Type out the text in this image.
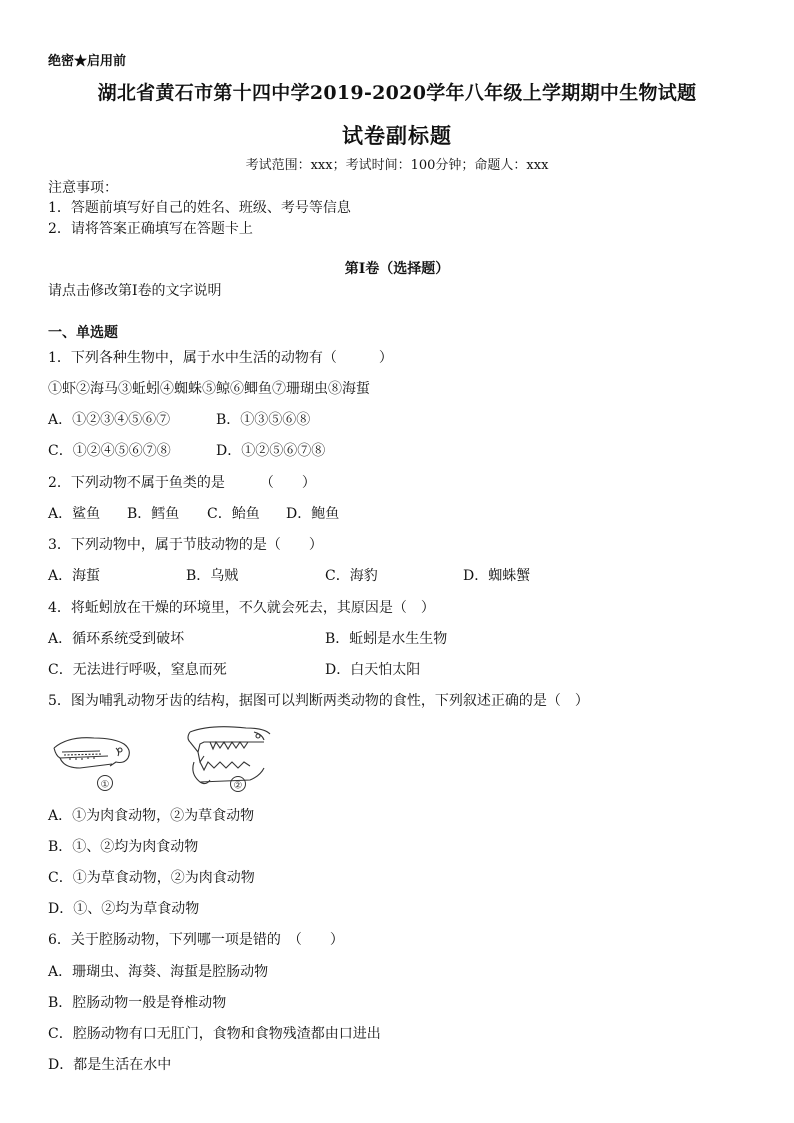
绝密★启用前
湖北省黄石市第十四中学2019-2020学年八年级上学期期中生物试题
试卷副标题
考试范围：xxx；考试时间：100分钟；命题人：xxx
注意事项：
1．答题前填写好自己的姓名、班级、考号等信息
2．请将答案正确填写在答题卡上
第I卷（选择题）
请点击修改第I卷的文字说明
一、单选题
1．下列各种生物中，属于水中生活的动物有（　　　）
①虾②海马③蚯蚓④蜘蛛⑤鲸⑥鲫鱼⑦珊瑚虫⑧海蜇
A．①②③④⑤⑥⑦	B．①③⑤⑥⑧
C．①②④⑤⑥⑦⑧	D．①②⑤⑥⑦⑧
2．下列动物不属于鱼类的是　　　（　　）
A．鲨鱼 B．鳕鱼 C．鲐鱼 D．鲍鱼
3．下列动物中，属于节肢动物的是（　　）
A．海蜇	B．乌贼	C．海豹	D．蜘蛛蟹
4．将蚯蚓放在干燥的环境里，不久就会死去，其原因是（　）
A．循环系统受到破坏	B．蚯蚓是水生生物
C．无法进行呼吸，窒息而死	D．白天怕太阳
5．图为哺乳动物牙齿的结构，据图可以判断两类动物的食性，下列叙述正确的是（　）
①	②
A．①为肉食动物，②为草食动物
B．①、②均为肉食动物
C．①为草食动物，②为肉食动物
D．①、②均为草食动物
6．关于腔肠动物，下列哪一项是错的　（　　）
A．珊瑚虫、海葵、海蜇是腔肠动物
B．腔肠动物一般是脊椎动物
C．腔肠动物有口无肛门，食物和食物残渣都由口进出
D．都是生活在水中
